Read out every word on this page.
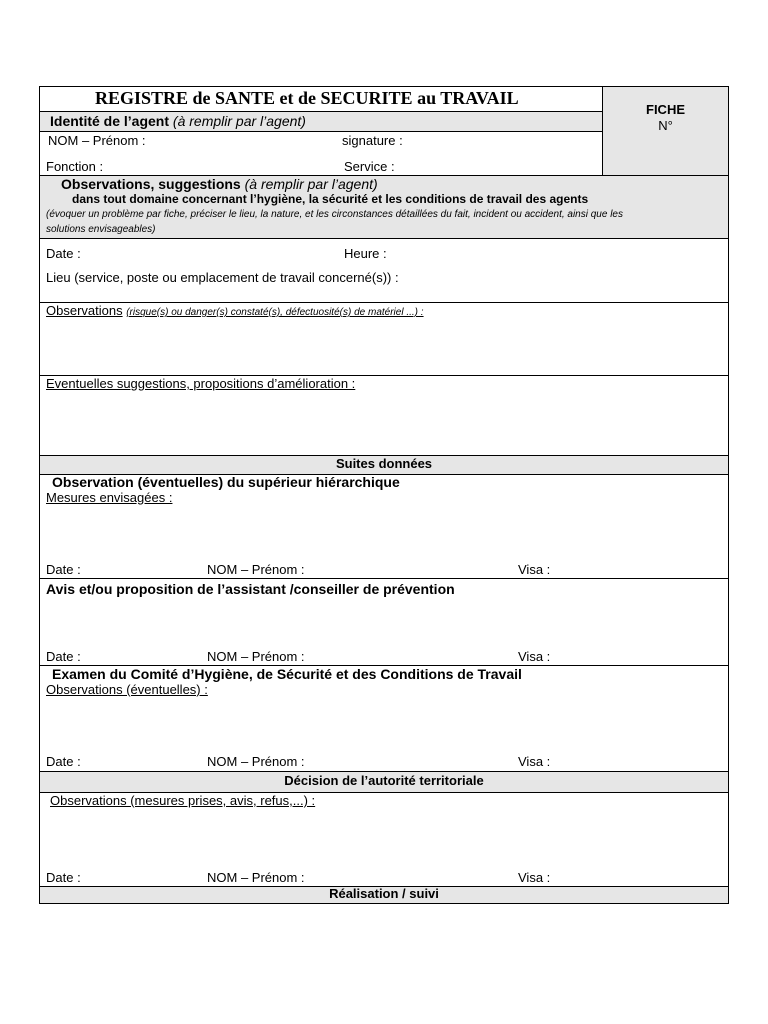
FICHE
N°
REGISTRE de SANTE et de SECURITE au TRAVAIL
Identité de l’agent (à remplir par l’agent)
NOM – Prénom :	signature :
Fonction :	Service :
Observations, suggestions (à remplir par l’agent)
dans tout domaine concernant l’hygiène, la sécurité et les conditions de travail des agents
(évoquer un problème par fiche, préciser le lieu, la nature, et les circonstances détaillées du fait, incident ou accident, ainsi que les
solutions envisageables)
Date :	Heure :
Lieu (service, poste ou emplacement de travail concerné(s)) :
Observations (risque(s) ou danger(s) constaté(s), défectuosité(s) de matériel ...) :
Eventuelles suggestions, propositions d’amélioration :
Suites données
Observation (éventuelles) du supérieur hiérarchique
Mesures envisagées :
Date :	NOM – Prénom :	Visa :
Avis et/ou proposition de l’assistant /conseiller de prévention
Date :	NOM – Prénom :	Visa :
Examen du Comité d’Hygiène, de Sécurité et des Conditions de Travail
Observations (éventuelles) :
Date :	NOM – Prénom :	Visa :
Décision de l’autorité territoriale
Observations (mesures prises, avis, refus,...) :
Date :	NOM – Prénom :	Visa :
Réalisation / suivi
